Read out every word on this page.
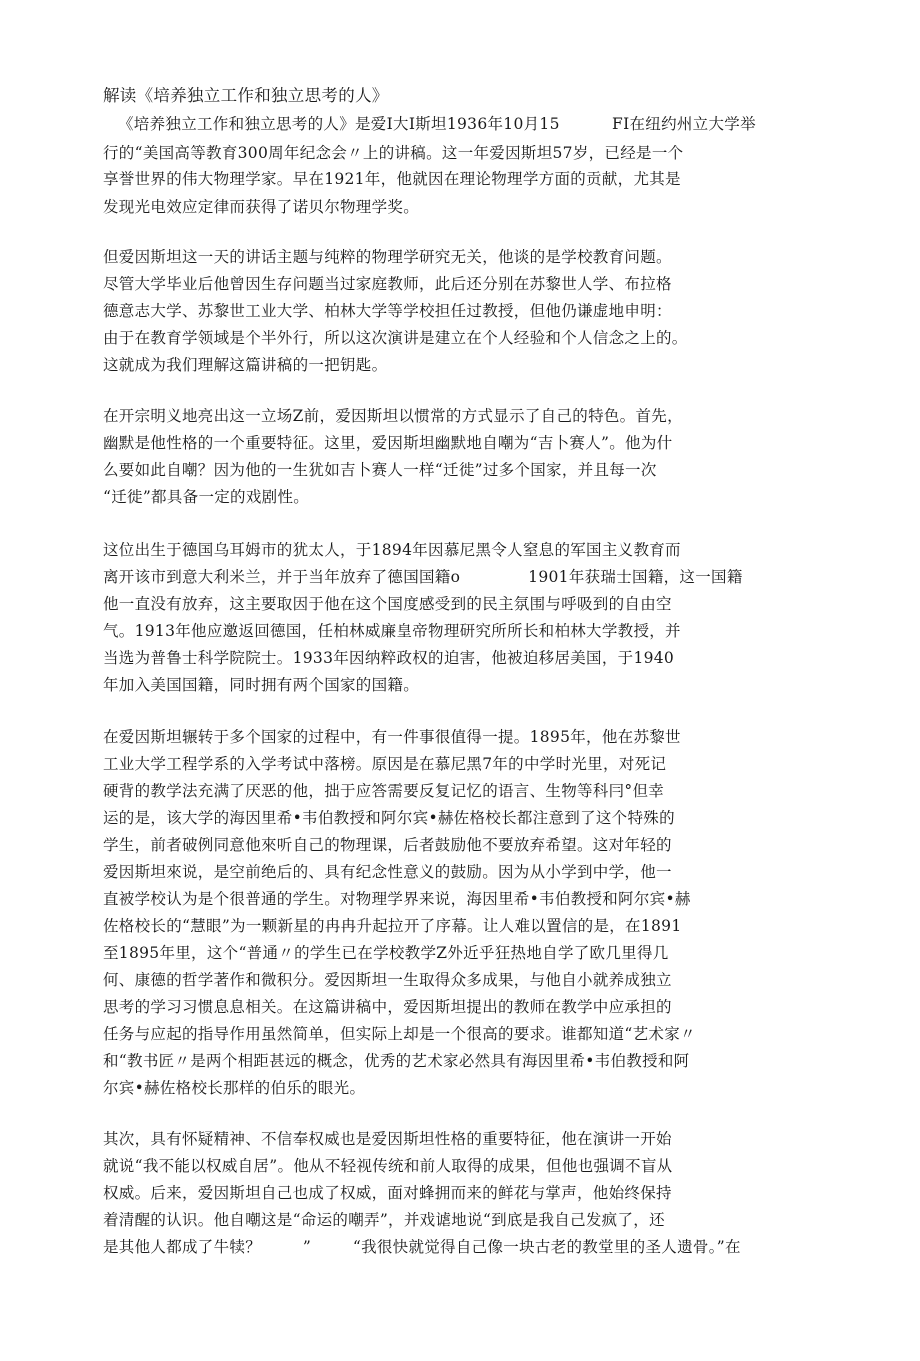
解读《培养独立工作和独立思考的人》
《培养独立工作和独立思考的人》是爱I大I斯坦1936年10月15          FI在纽约州立大学举
行的“美国高等教育300周年纪念会〃上的讲稿。这一年爱因斯坦57岁，已经是一个
享誉世界的伟大物理学家。早在1921年，他就因在理论物理学方面的贡献，尤其是
发现光电效应定律而获得了诺贝尔物理学奖。
但爱因斯坦这一天的讲话主题与纯粹的物理学研究无关，他谈的是学校教育问题。
尽管大学毕业后他曾因生存问题当过家庭教师，此后还分别在苏黎世人学、布拉格
德意志大学、苏黎世工业大学、柏林大学等学校担任过教授，但他仍谦虚地申明：
由于在教育学领域是个半外行，所以这次演讲是建立在个人经验和个人信念之上的。
这就成为我们理解这篇讲稿的一把钥匙。
在开宗明义地亮出这一立场Z前，爱因斯坦以惯常的方式显示了自己的特色。首先，
幽默是他性格的一个重要特征。这里，爱因斯坦幽默地自嘲为“吉卜赛人”。他为什
么要如此自嘲？因为他的一生犹如吉卜赛人一样“迁徙”过多个国家，并且每一次
“迁徙”都具备一定的戏剧性。
这位出生于德国乌耳姆市的犹太人，于1894年因慕尼黑令人窒息的军国主义教育而
离开该市到意大利米兰，并于当年放弃了德国国籍o             1901年获瑞士国籍，这一国籍
他一直没有放弃，这主要取因于他在这个国度感受到的民主氛围与呼吸到的自由空
气。1913年他应邀返回德国，任柏林威廉皇帝物理研究所所长和柏林大学教授，并
当选为普鲁士科学院院士。1933年因纳粹政权的迫害，他被迫移居美国，于1940
年加入美国国籍，同时拥有两个国家的国籍。
在爱因斯坦辗转于多个国家的过程中，有一件事很值得一提。1895年，他在苏黎世
工业大学工程学系的入学考试中落榜。原因是在慕尼黑7年的中学时光里，对死记
硬背的教学法充满了厌恶的他，拙于应答需要反复记忆的语言、生物等科冃°但幸
运的是，该大学的海因里希•韦伯教授和阿尔宾•赫佐格校长都注意到了这个特殊的
学生，前者破例同意他來听自己的物理课，后者鼓励他不要放弃希望。这对年轻的
爱因斯坦來说，是空前绝后的、具有纪念性意义的鼓励。因为从小学到中学，他一
直被学校认为是个很普通的学生。对物理学界来说，海因里希•韦伯教授和阿尔宾•赫
佐格校长的“慧眼”为一颗新星的冉冉升起拉开了序幕。让人难以置信的是，在1891
至1895年里，这个“普通〃的学生已在学校教学Z外近乎狂热地自学了欧几里得几
何、康德的哲学著作和微积分。爱因斯坦一生取得众多成果，与他自小就养成独立
思考的学习习惯息息相关。在这篇讲稿中，爱因斯坦提出的教师在教学中应承担的
任务与应起的指导作用虽然简单，但实际上却是一个很高的要求。谁都知道“艺术家〃
和“教书匠〃是两个相距甚远的概念，优秀的艺术家必然具有海因里希•韦伯教授和阿
尔宾•赫佐格校长那样的伯乐的眼光。
其次，具有怀疑精神、不信奉权威也是爱因斯坦性格的重要特征，他在演讲一开始
就说“我不能以权威自居”。他从不轻视传统和前人取得的成果，但他也强调不盲从
权威。后来，爱因斯坦自己也成了权威，面对蜂拥而来的鲜花与掌声，他始终保持
着清醒的认识。他自嘲这是“命运的嘲弄”，并戏谑地说“到底是我自己发疯了，还
是其他人都成了牛犊？        ”        “我很快就觉得自己像一块古老的教堂里的圣人遗骨。”在
